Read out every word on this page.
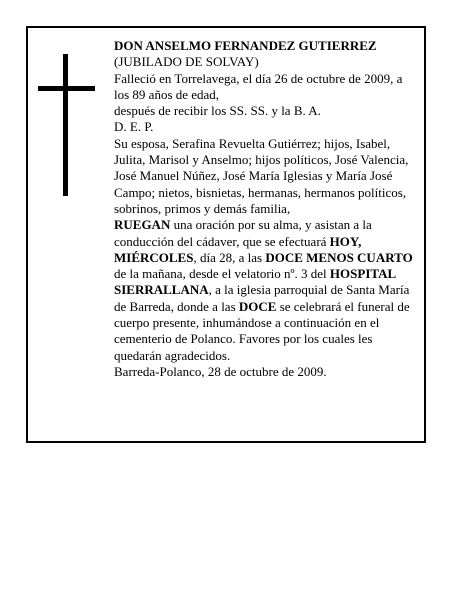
DON ANSELMO FERNANDEZ GUTIERREZ

(JUBILADO DE SOLVAY)

Falleció en Torrelavega, el día 26 de octubre de 2009, a los 89 años de edad,

después de recibir los SS. SS. y la B. A.

D. E. P.

Su esposa, Serafina Revuelta Gutiérrez; hijos, Isabel, Julita, Marisol y Anselmo; hijos políticos, José Valencia, José Manuel Núñez, José María Iglesias y María José Campo; nietos, bisnietas, hermanas, hermanos políticos, sobrinos, primos y demás familia,

RUEGAN una oración por su alma, y asistan a la conducción del cádaver, que se efectuará HOY, MIÉRCOLES, día 28, a las DOCE MENOS CUARTO de la mañana, desde el velatorio nº. 3 del HOSPITAL SIERRALLANA, a la iglesia parroquial de Santa María de Barreda, donde a las DOCE se celebrará el funeral de cuerpo presente, inhumándose a continuación en el cementerio de Polanco. Favores por los cuales les quedarán agradecidos.

Barreda-Polanco, 28 de octubre de 2009.
